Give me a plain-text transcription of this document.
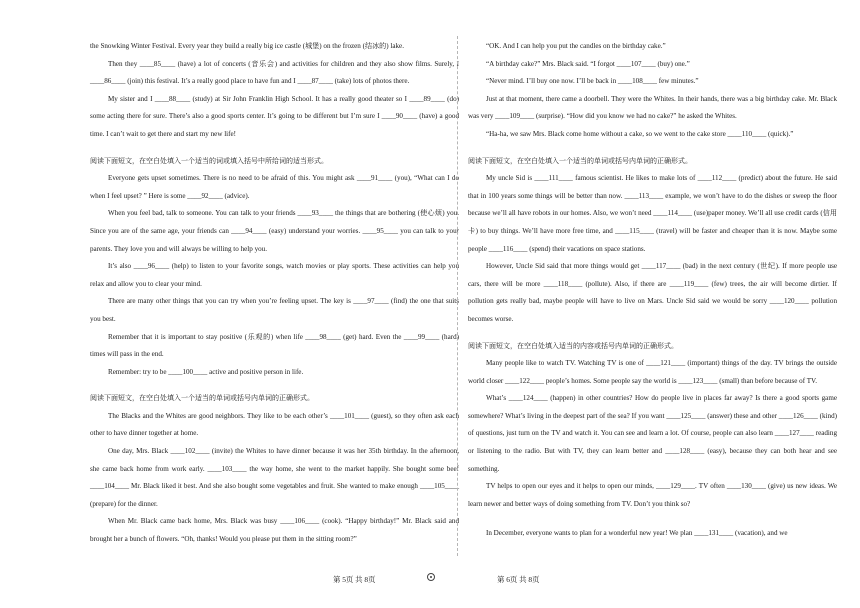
the Snowking Winter Festival. Every year they build a really big ice castle (城堡) on the frozen (结冰的) lake.

Then they ____85____ (have) a lot of concerts (音乐会) and activities for children and they also show films. Surely, I ____86____ (join) this festival. It’s a really good place to have fun and I ____87____ (take) lots of photos there.

My sister and I ____88____ (study) at Sir John Franklin High School. It has a really good theater so I ____89____ (do) some acting there for sure. There’s also a good sports center. It’s going to be different but I’m sure I ____90____ (have) a good time. I can’t wait to get there and start my new life!

阅读下面短文，在空白处填入一个适当的词或填入括号中所给词的适当形式。

Everyone gets upset sometimes. There is no need to be afraid of this. You might ask ____91____ (you), “What can I do when I feel upset? ” Here is some ____92____ (advice).

When you feel bad, talk to someone. You can talk to your friends ____93____ the things that are bothering (使心烦) you. Since you are of the same age, your friends can ____94____ (easy) understand your worries. ____95____ you can talk to your parents. They love you and will always be willing to help you.

It’s also ____96____ (help) to listen to your favorite songs, watch movies or play sports. These activities can help you relax and allow you to clear your mind.

There are many other things that you can try when you’re feeling upset. The key is ____97____ (find) the one that suits you best.

Remember that it is important to stay positive (乐观的) when life ____98____ (get) hard. Even the ____99____ (hard) times will pass in the end.

Remember: try to be ____100____ active and positive person in life.

阅读下面短文，在空白处填入一个适当的单词或括号内单词的正确形式。

The Blacks and the Whites are good neighbors. They like to be each other’s ____101____ (guest), so they often ask each other to have dinner together at home.

One day, Mrs. Black ____102____ (invite) the Whites to have dinner because it was her 35th birthday. In the afternoon, she came back home from work early. ____103____ the way home, she went to the market happily. She bought some beef ____104____ Mr. Black liked it best. And she also bought some vegetables and fruit. She wanted to make enough ____105____ (prepare) for the dinner.

When Mr. Black came back home, Mrs. Black was busy ____106____ (cook). “Happy birthday!” Mr. Black said and brought her a bunch of flowers. “Oh, thanks! Would you please put them in the sitting room?”

“OK. And I can help you put the candles on the birthday cake.”

“A birthday cake?” Mrs. Black said. “I forgot ____107____ (buy) one.”

“Never mind. I’ll buy one now. I’ll be back in ____108____ few minutes.”

Just at that moment, there came a doorbell. They were the Whites. In their hands, there was a big birthday cake. Mr. Black was very ____109____ (surprise). “How did you know we had no cake?” he asked the Whites.

“Ha-ha, we saw Mrs. Black come home without a cake, so we went to the cake store ____110____ (quick).”

阅读下面短文，在空白处填入一个适当的单词或括号内单词的正确形式。

My uncle Sid is ____111____ famous scientist. He likes to make lots of ____112____ (predict) about the future. He said that in 100 years some things will be better than now. ____113____ example, we won’t have to do the dishes or sweep the floor because we’ll all have robots in our homes. Also, we won’t need ____114____ (use)paper money. We’ll all use credit cards (信用卡) to buy things. We’ll have more free time, and ____115____ (travel) will be faster and cheaper than it is now. Maybe some people ____116____ (spend) their vacations on space stations.

However, Uncle Sid said that more things would get ____117____ (bad) in the next century (世纪). If more people use cars, there will be more ____118____ (pollute). Also, if there are ____119____ (few) trees, the air will become dirtier. If pollution gets really bad, maybe people will have to live on Mars. Uncle Sid said we would be sorry ____120____ pollution becomes worse.

阅读下面短文，在空白处填入适当的内容或括号内单词的正确形式。

Many people like to watch TV. Watching TV is one of ____121____ (important) things of the day. TV brings the outside world closer ____122____ people’s homes. Some people say the world is ____123____ (small) than before because of TV.

What’s ____124____ (happen) in other countries? How do people live in places far away? Is there a good sports game somewhere? What’s living in the deepest part of the sea? If you want ____125____ (answer) these and other ____126____ (kind) of questions, just turn on the TV and watch it. You can see and learn a lot. Of course, people can also learn ____127____ reading or listening to the radio. But with TV, they can learn better and ____128____ (easy), because they can both hear and see something.

TV helps to open our eyes and it helps to open our minds, ____129____. TV often ____130____ (give) us new ideas. We learn newer and better ways of doing something from TV. Don’t you think so?

In December, everyone wants to plan for a wonderful new year! We plan ____131____ (vacation), and we

第 5页 共 8页	第 6页 共 8页
